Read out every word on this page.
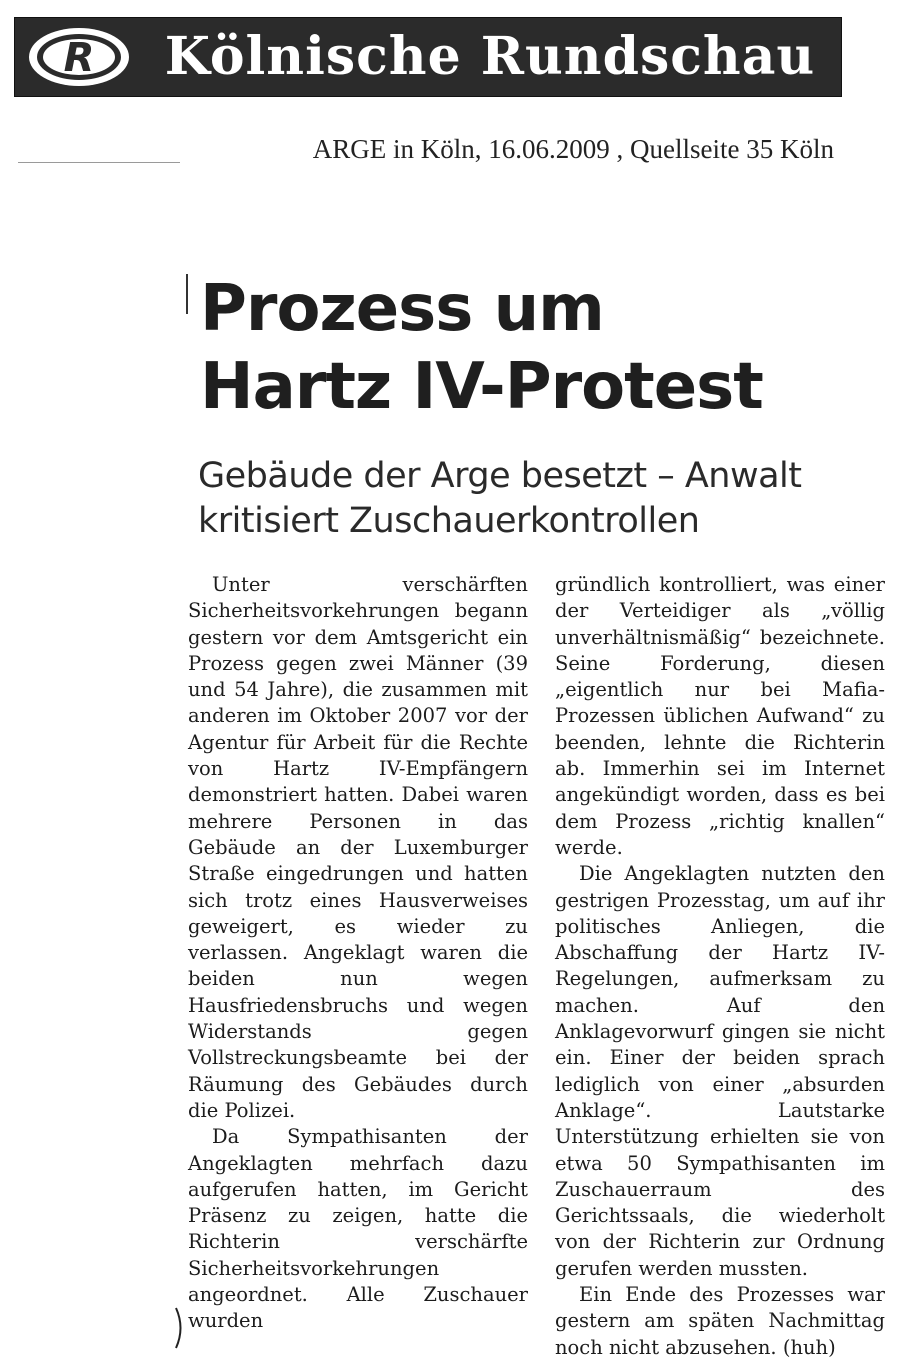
R	Kölnische Rundschau
ARGE in Köln, 16.06.2009 , Quellseite 35 Köln
Prozess um
Hartz IV-Protest
Gebäude der Arge besetzt – Anwalt
kritisiert Zuschauerkontrollen

Unter verschärften Sicherheitsvorkehrungen begann gestern vor dem Amtsgericht ein Prozess gegen zwei Männer (39 und 54 Jahre), die zusammen mit anderen im Oktober 2007 vor der Agentur für Arbeit für die Rechte von Hartz IV-Empfängern demonstriert hatten. Dabei waren mehrere Personen in das Gebäude an der Luxemburger Straße eingedrungen und hatten sich trotz eines Hausverweises geweigert, es wieder zu verlassen. Angeklagt waren die beiden nun wegen Hausfriedensbruchs und wegen Widerstands gegen Vollstreckungsbeamte bei der Räumung des Gebäudes durch die Polizei.

Da Sympathisanten der Angeklagten mehrfach dazu aufgerufen hatten, im Gericht Präsenz zu zeigen, hatte die Richterin verschärfte Sicherheitsvorkehrungen angeordnet. Alle Zuschauer wurden

gründlich kontrolliert, was einer der Verteidiger als „völlig unverhältnismäßig“ bezeichnete. Seine Forderung, diesen „eigentlich nur bei Mafia-Prozessen üblichen Aufwand“ zu beenden, lehnte die Richterin ab. Immerhin sei im Internet angekündigt worden, dass es bei dem Prozess „richtig knallen“ werde.

Die Angeklagten nutzten den gestrigen Prozesstag, um auf ihr politisches Anliegen, die Abschaffung der Hartz IV-Regelungen, aufmerksam zu machen. Auf den Anklagevorwurf gingen sie nicht ein. Einer der beiden sprach lediglich von einer „absurden Anklage“. Lautstarke Unterstützung erhielten sie von etwa 50 Sympathisanten im Zuschauerraum des Gerichtssaals, die wiederholt von der Richterin zur Ordnung gerufen werden mussten.

Ein Ende des Prozesses war gestern am späten Nachmittag noch nicht abzusehen. (huh)
